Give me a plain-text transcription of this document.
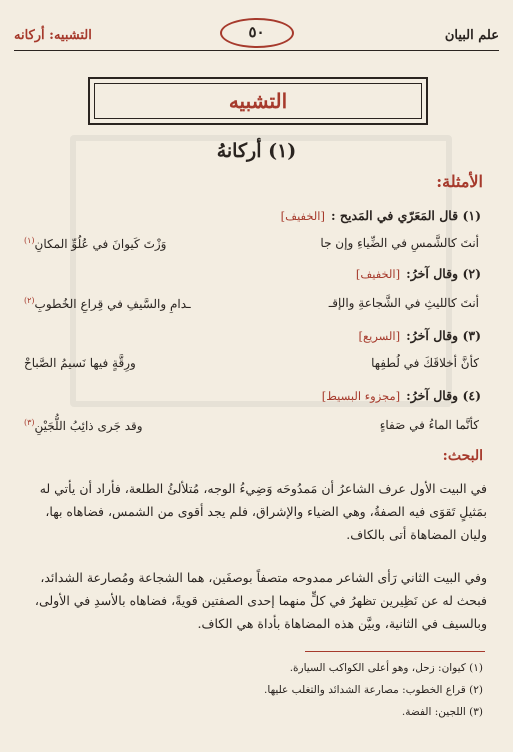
علم البيان
٥٠
التشبيه: أركانه
التشبيه
(١) أركانهُ
الأمثلة:
(١) قال المَعَرّي في المَديح :[الخفيف]
أنتَ كالشَّمسِ في الضِّياءِ وإن جا
وَزْتَ كَيوانَ في عُلُوِّ المكانِ$^{(١)}$
(٢) وقال آخرُ:[الخفيف]
أنتَ كالليثِ في الشَّجاعةِ والإقـ
ـدامِ والسَّيفِ في قِراعِ الخُطوبِ$^{(٢)}$
(٣) وقال آخرُ:[السريع]
كأنَّ أخلاقَكَ في لُطفِها
ورِقَّةٍ فيها نَسيمُ الصَّباحْ
(٤) وقال آخرُ:[مجزوء البسيط]
كأنَّما الماءُ في صَفاءٍ
وقد جَرى ذائِبُ اللُّجَيْنِ$^{(٣)}$
البحث:
في البيت الأول عرف الشاعرُ أن مَمدُوحَه وَضِيءُ الوجه، مُتلألئُ الطلعة، فأراد أن يأتي له بمَثيلٍ تَقوَى فيه الصفةُ، وهي الضياء والإشراق، فلم يجد أقوى من الشمس، فضاهاه بها، وليان المضاهاة أتى بالكاف.
وفي البيت الثاني رَأى الشاعر ممدوحه متصفاً بوصفَين، هما الشجاعة ومُصارعة الشدائد، فبحث له عن نَظِيرين تظهرُ في كلٍّ منهما إحدى الصفتين قويةً، فضاهاه بالأسدِ في الأولى، وبالسيف في الثانية، وبيَّن هذه المضاهاة بأداة هي الكاف.
(١) كيوان: زحل، وهو أعلى الكواكب السيارة.
(٢) قراع الخطوب: مصارعة الشدائد والتغلب عليها.
(٣) اللجين: الفضة.
